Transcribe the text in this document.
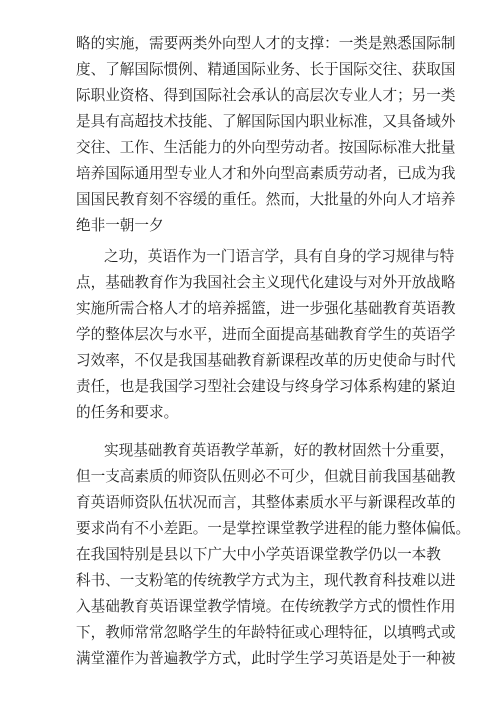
略的实施，需要两类外向型人才的支撑：一类是熟悉国际制
度、了解国际惯例、精通国际业务、长于国际交往、获取国
际职业资格、得到国际社会承认的高层次专业人才；另一类
是具有高超技术技能、了解国际国内职业标准，又具备域外
交往、工作、生活能力的外向型劳动者。按国际标准大批量
培养国际通用型专业人才和外向型高素质劳动者，已成为我
国国民教育刻不容缓的重任。然而，大批量的外向人才培养
绝非一朝一夕
之功，英语作为一门语言学，具有自身的学习规律与特
点，基础教育作为我国社会主义现代化建设与对外开放战略
实施所需合格人才的培养摇篮，进一步强化基础教育英语教
学的整体层次与水平，进而全面提高基础教育学生的英语学
习效率，不仅是我国基础教育新课程改革的历史使命与时代
责任，也是我国学习型社会建设与终身学习体系构建的紧迫
的任务和要求。
实现基础教育英语教学革新，好的教材固然十分重要，
但一支高素质的师资队伍则必不可少，但就目前我国基础教
育英语师资队伍状况而言，其整体素质水平与新课程改革的
要求尚有不小差距。一是掌控课堂教学进程的能力整体偏低。
在我国特别是县以下广大中小学英语课堂教学仍以一本教
科书、一支粉笔的传统教学方式为主，现代教育科技难以进
入基础教育英语课堂教学情境。在传统教学方式的惯性作用
下，教师常常忽略学生的年龄特征或心理特征，以填鸭式或
满堂灌作为普遍教学方式，此时学生学习英语是处于一种被
